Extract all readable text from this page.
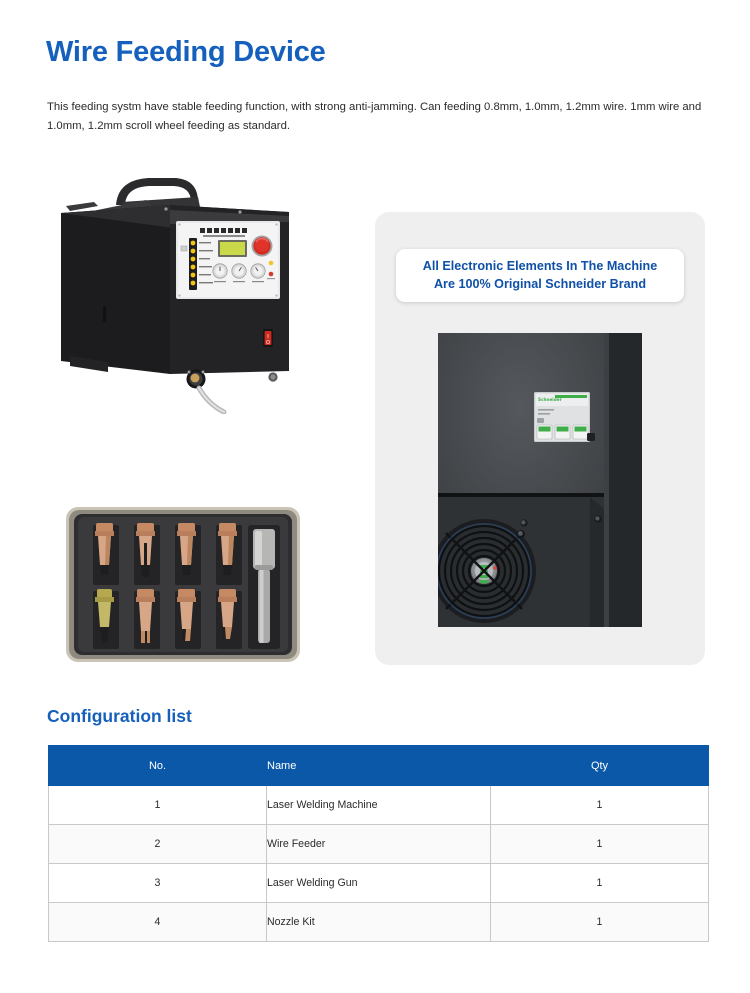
Wire Feeding Device
This feeding systm have stable feeding function, with strong anti-jamming. Can feeding 0.8mm, 1.0mm, 1.2mm wire. 1mm wire and 1.0mm, 1.2mm scroll wheel feeding as standard.
All Electronic Elements In The Machine
Are 100% Original Schneider Brand
Schneider
Configuration list
No.	Name	Qty
1	Laser Welding Machine	1
2	Wire Feeder	1
3	Laser Welding Gun	1
4	Nozzle Kit	1
